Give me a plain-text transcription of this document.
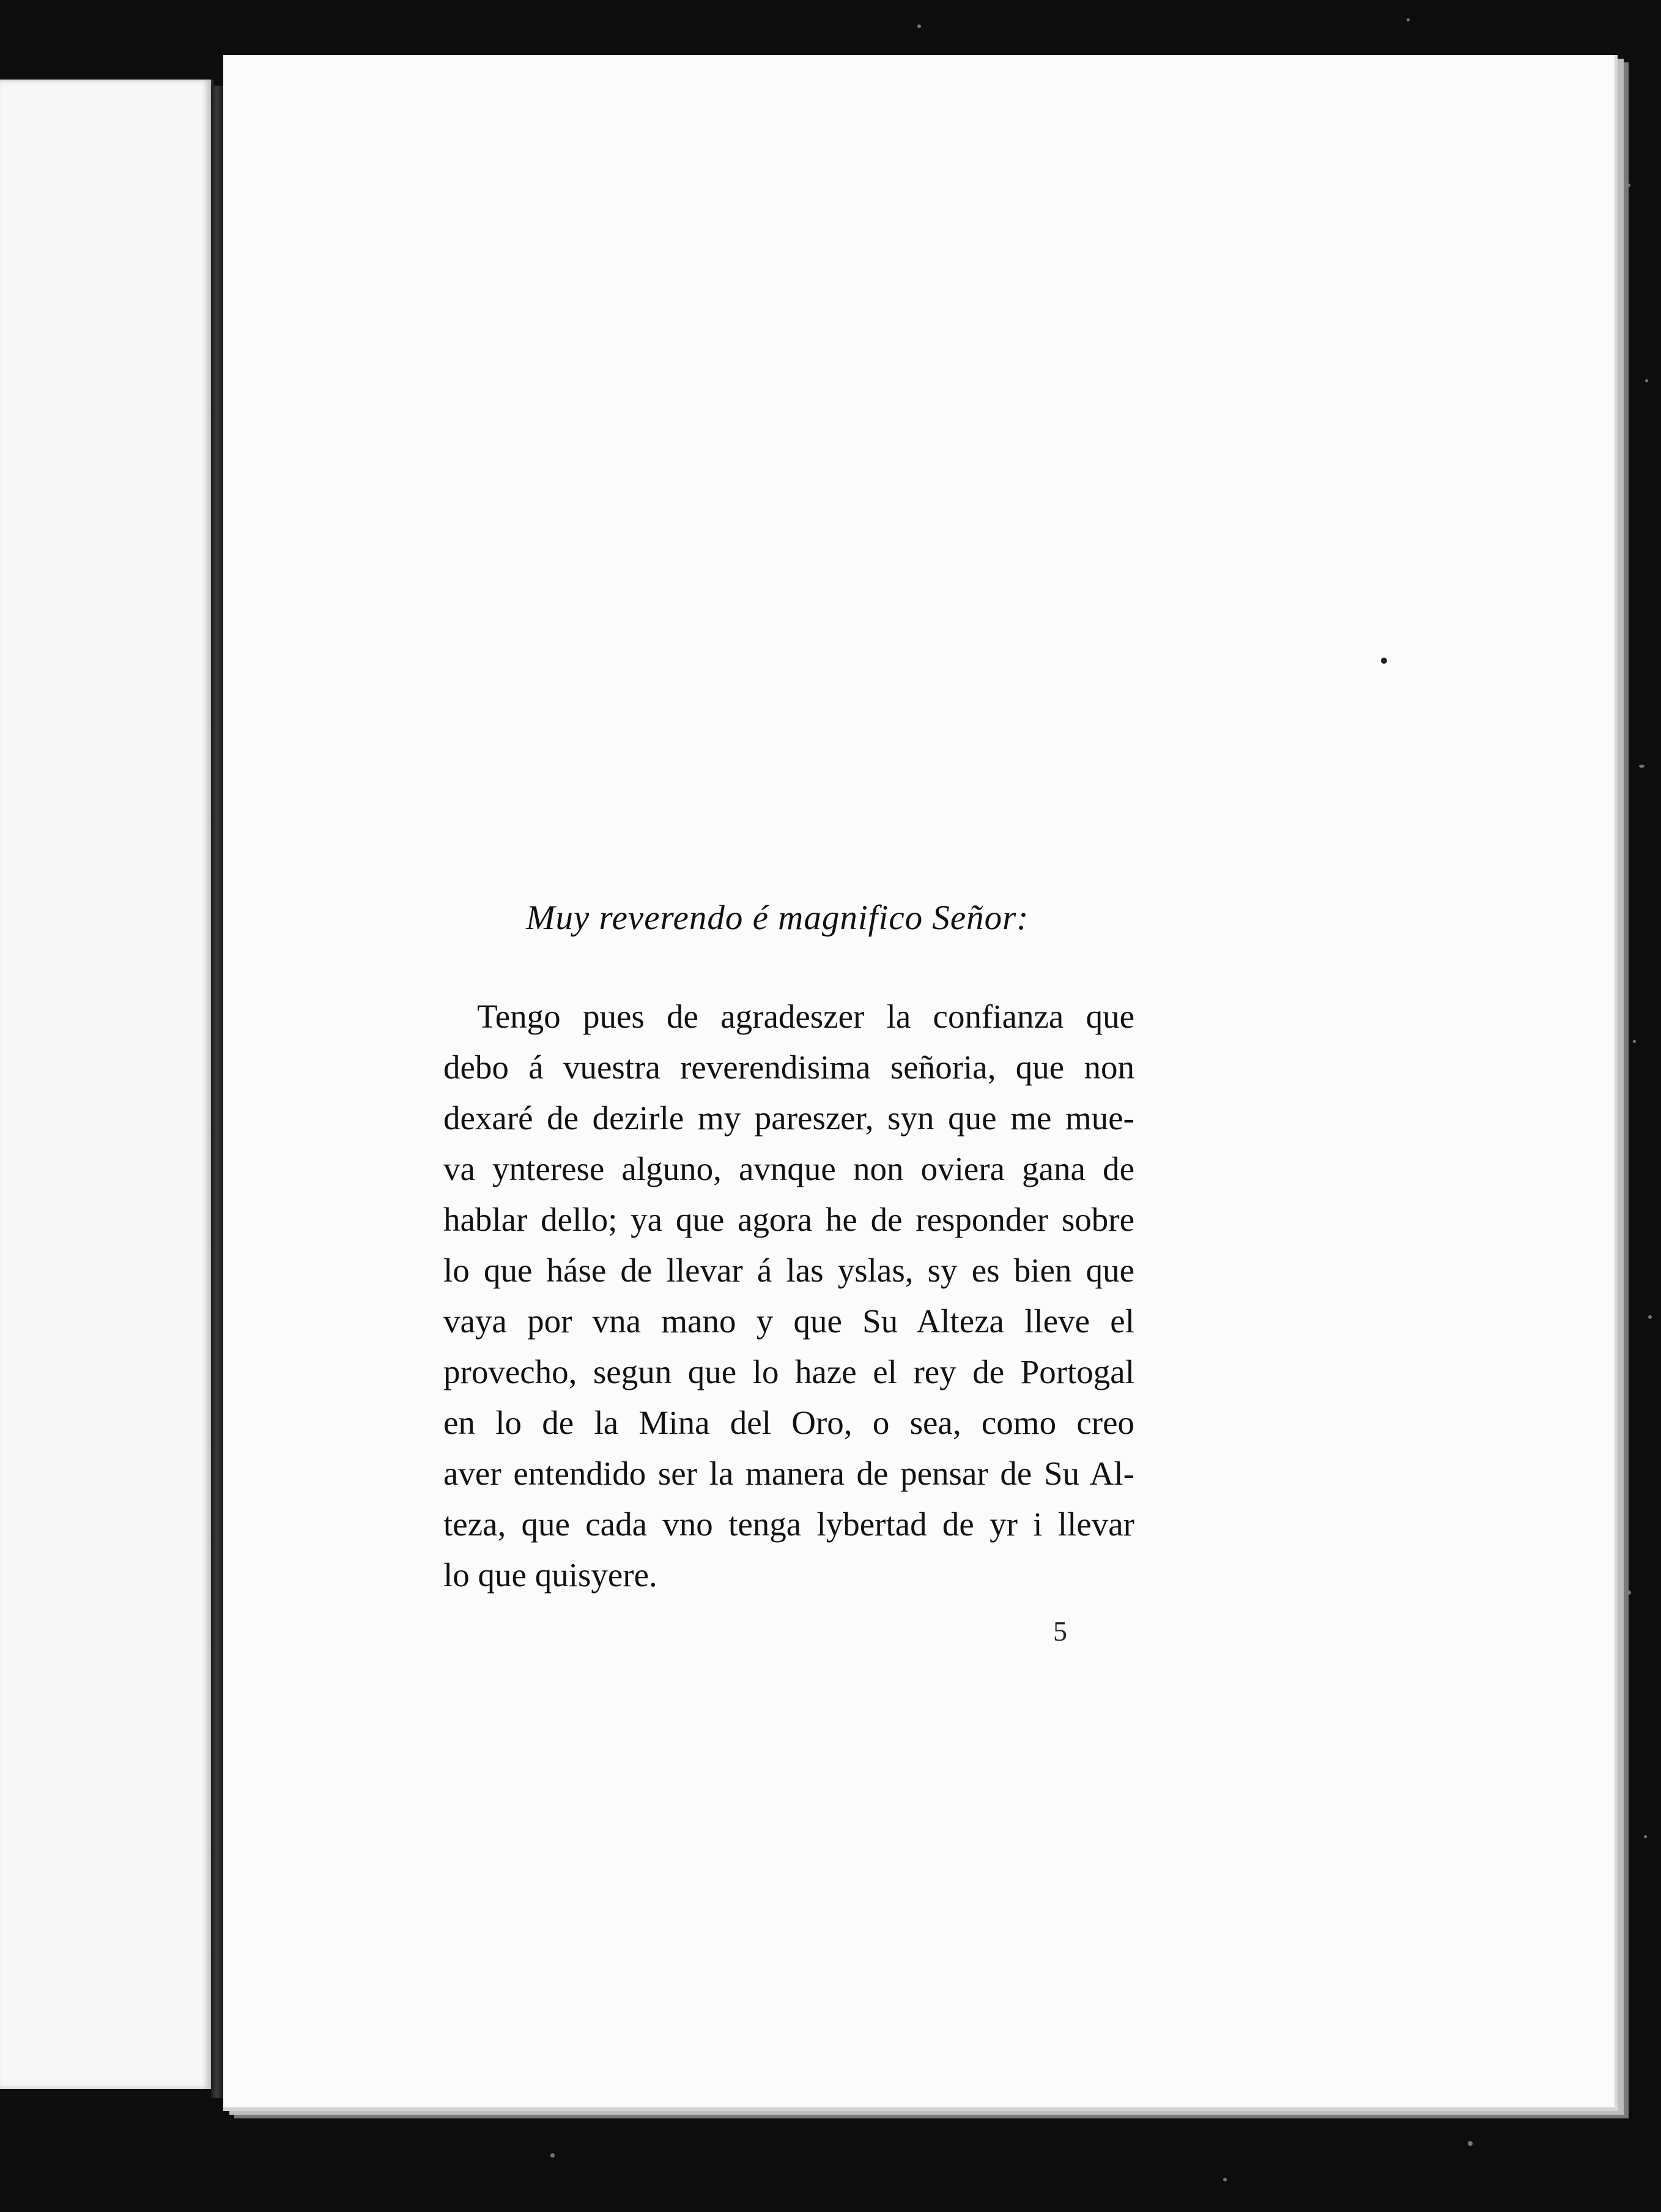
Muy reverendo é magnifico Señor:
Tengo pues de agradeszer la confianza que
debo á vuestra reverendisima señoria, que non
dexaré de dezirle my pareszer, syn que me mue-
va ynterese alguno, avnque non oviera gana de
hablar dello; ya que agora he de responder sobre
lo que háse de llevar á las yslas, sy es bien que
vaya por vna mano y que Su Alteza lleve el
provecho, segun que lo haze el rey de Portogal
en lo de la Mina del Oro, o sea, como creo
aver entendido ser la manera de pensar de Su Al-
teza, que cada vno tenga lybertad de yr i llevar
lo que quisyere.
5
